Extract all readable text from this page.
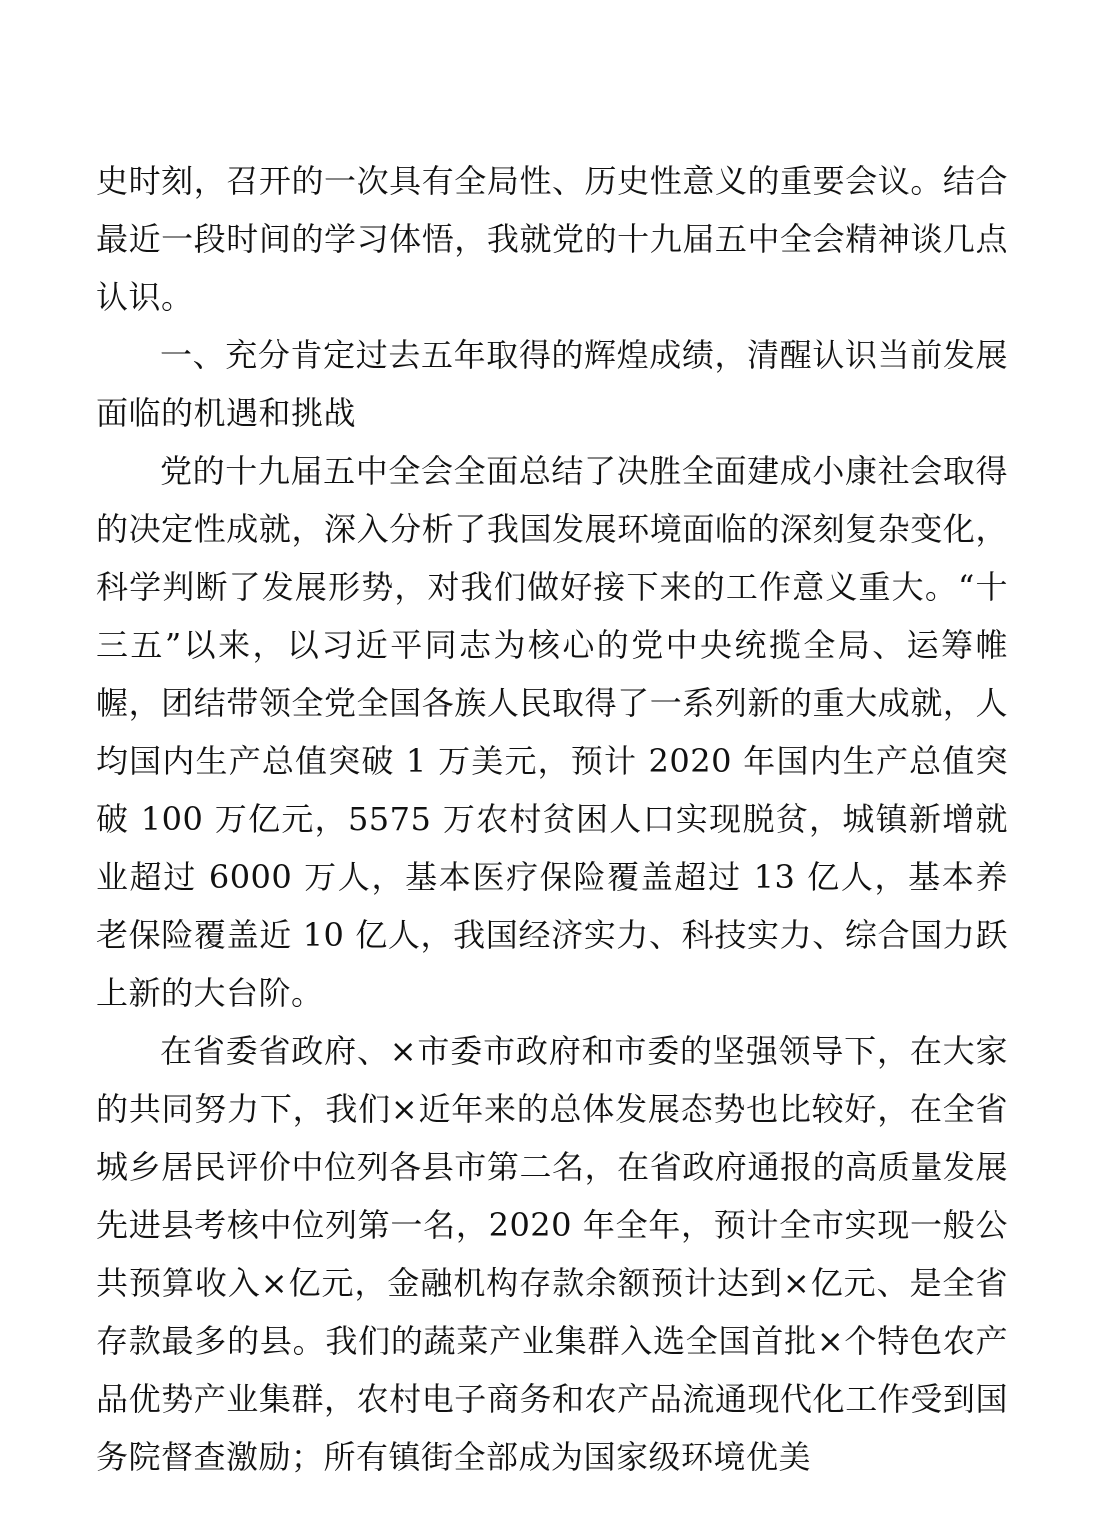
史时刻，召开的一次具有全局性、历史性意义的重要会议。结合最近一段时间的学习体悟，我就党的十九届五中全会精神谈几点认识。

一、充分肯定过去五年取得的辉煌成绩，清醒认识当前发展面临的机遇和挑战

党的十九届五中全会全面总结了决胜全面建成小康社会取得的决定性成就，深入分析了我国发展环境面临的深刻复杂变化，科学判断了发展形势，对我们做好接下来的工作意义重大。“十三五”以来，以习近平同志为核心的党中央统揽全局、运筹帷幄，团结带领全党全国各族人民取得了一系列新的重大成就，人均国内生产总值突破 1 万美元，预计 2020 年国内生产总值突破 100 万亿元，5575 万农村贫困人口实现脱贫，城镇新增就业超过 6000 万人，基本医疗保险覆盖超过 13 亿人，基本养老保险覆盖近 10 亿人，我国经济实力、科技实力、综合国力跃上新的大台阶。

在省委省政府、×市委市政府和市委的坚强领导下，在大家的共同努力下，我们×近年来的总体发展态势也比较好，在全省城乡居民评价中位列各县市第二名，在省政府通报的高质量发展先进县考核中位列第一名，2020 年全年，预计全市实现一般公共预算收入×亿元，金融机构存款余额预计达到×亿元、是全省存款最多的县。我们的蔬菜产业集群入选全国首批×个特色农产品优势产业集群，农村电子商务和农产品流通现代化工作受到国务院督查激励；所有镇街全部成为国家级环境优美
